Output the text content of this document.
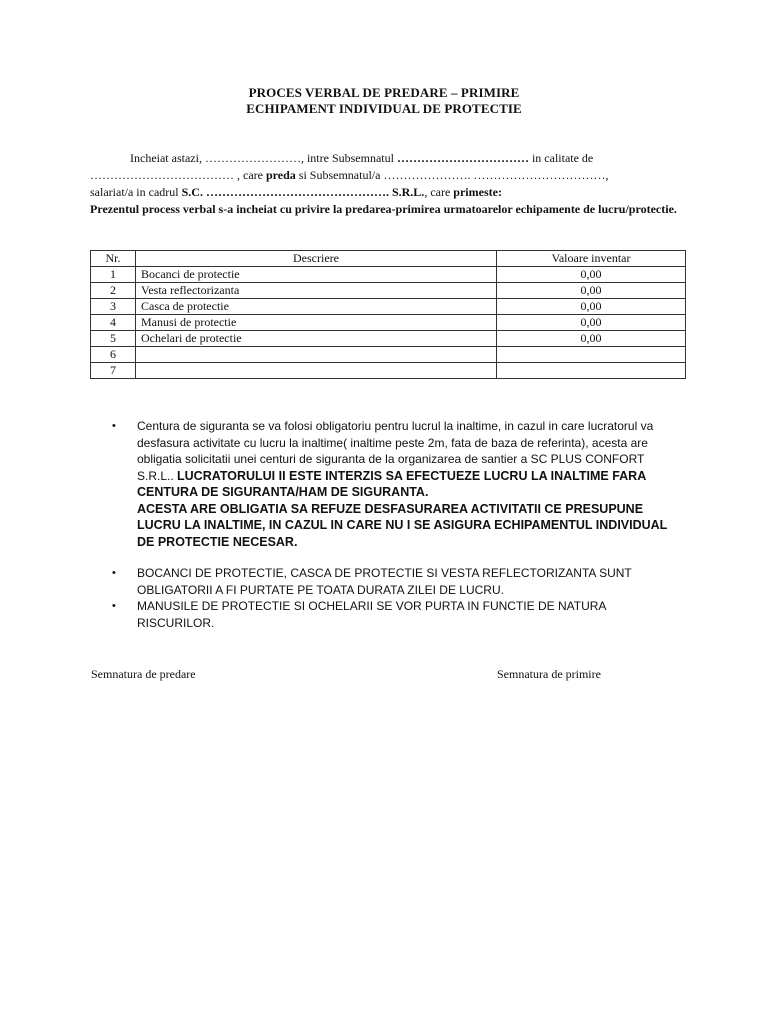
PROCES VERBAL DE PREDARE – PRIMIRE
ECHIPAMENT INDIVIDUAL DE PROTECTIE

Incheiat astazi, ……………………, intre Subsemnatul …………………………… in calitate de

……………………………… , care preda si Subsemnatul/a …………………. ……………………………,

salariat/a in cadrul S.C. ………………………………………. S.R.L., care primeste:

Prezentul process verbal s-a incheiat cu privire la predarea-primirea urmatoarelor echipamente de lucru/protectie.

Nr.	Descriere	Valoare inventar
1	Bocanci de protectie	0,00
2	Vesta reflectorizanta	0,00
3	Casca de protectie	0,00
4	Manusi de protectie	0,00
5	Ochelari de protectie	0,00
6		
7		
• Centura de siguranta se va folosi obligatoriu pentru lucrul la inaltime, in cazul in care lucratorul va desfasura activitate cu lucru la inaltime( inaltime peste 2m, fata de baza de referinta), acesta are obligatia solicitatii unei centuri de siguranta de la organizarea de santier a SC PLUS CONFORT S.R.L.. LUCRATORULUI II ESTE INTERZIS SA EFECTUEZE LUCRU LA INALTIME FARA CENTURA DE SIGURANTA/HAM DE SIGURANTA.
ACESTA ARE OBLIGATIA SA REFUZE DESFASURAREA ACTIVITATII CE PRESUPUNE LUCRU LA INALTIME, IN CAZUL IN CARE NU I SE ASIGURA ECHIPAMENTUL INDIVIDUAL DE PROTECTIE NECESAR.
• BOCANCI DE PROTECTIE, CASCA DE PROTECTIE SI VESTA REFLECTORIZANTA SUNT OBLIGATORII A FI PURTATE PE TOATA DURATA ZILEI DE LUCRU.
• MANUSILE DE PROTECTIE SI OCHELARII SE VOR PURTA IN FUNCTIE DE NATURA RISCURILOR.
Semnatura de predare	Semnatura de primire
